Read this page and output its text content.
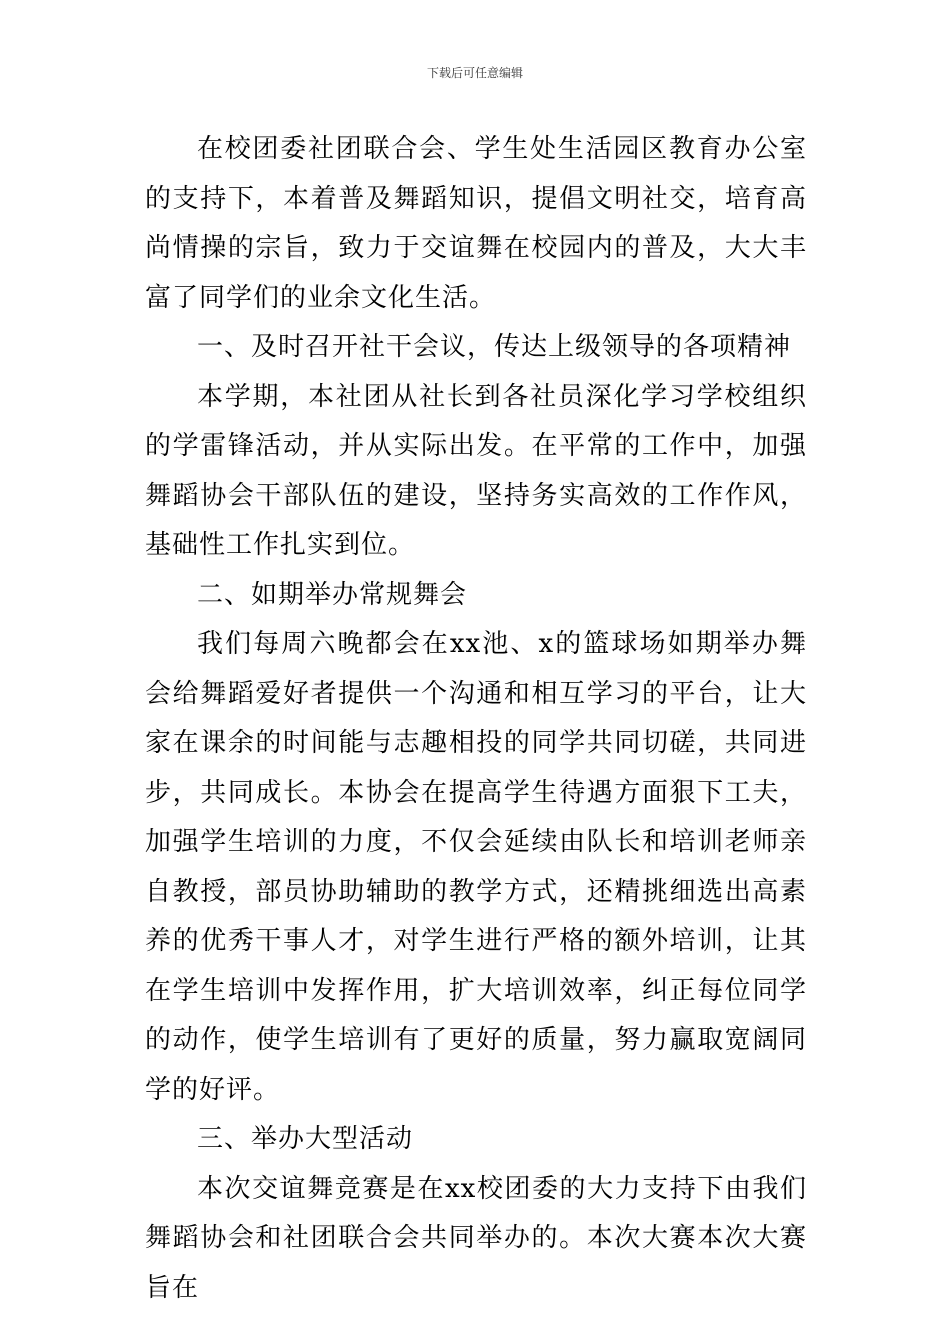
下载后可任意编辑

在校团委社团联合会、学生处生活园区教育办公室的支持下，本着普及舞蹈知识，提倡文明社交，培育高尚情操的宗旨，致力于交谊舞在校园内的普及，大大丰富了同学们的业余文化生活。

一、及时召开社干会议，传达上级领导的各项精神

本学期，本社团从社长到各社员深化学习学校组织的学雷锋活动，并从实际出发。在平常的工作中，加强舞蹈协会干部队伍的建设，坚持务实高效的工作作风，基础性工作扎实到位。

二、如期举办常规舞会

我们每周六晚都会在xx池、x的篮球场如期举办舞会给舞蹈爱好者提供一个沟通和相互学习的平台，让大家在课余的时间能与志趣相投的同学共同切磋，共同进步，共同成长。本协会在提高学生待遇方面狠下工夫，加强学生培训的力度，不仅会延续由队长和培训老师亲自教授，部员协助辅助的教学方式，还精挑细选出高素养的优秀干事人才，对学生进行严格的额外培训，让其在学生培训中发挥作用，扩大培训效率，纠正每位同学的动作，使学生培训有了更好的质量，努力赢取宽阔同学的好评。

三、举办大型活动

本次交谊舞竞赛是在xx校团委的大力支持下由我们舞蹈协会和社团联合会共同举办的。本次大赛本次大赛旨在
